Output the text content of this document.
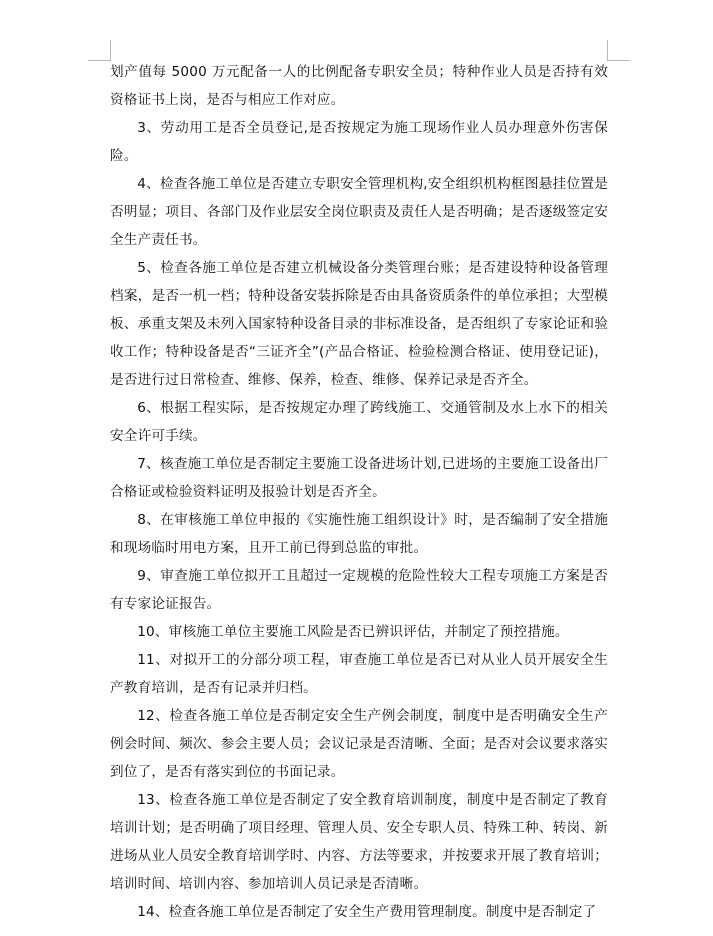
划产值每 5000 万元配备一人的比例配备专职安全员；特种作业人员是否持有效资格证书上岗，是否与相应工作对应。

3、劳动用工是否全员登记,是否按规定为施工现场作业人员办理意外伤害保险。

4、检查各施工单位是否建立专职安全管理机构,安全组织机构框图悬挂位置是否明显；项目、各部门及作业层安全岗位职责及责任人是否明确；是否逐级签定安全生产责任书。

5、检查各施工单位是否建立机械设备分类管理台账；是否建设特种设备管理档案，是否一机一档；特种设备安装拆除是否由具备资质条件的单位承担；大型模板、承重支架及未列入国家特种设备目录的非标准设备，是否组织了专家论证和验收工作；特种设备是否“三证齐全”(产品合格证、检验检测合格证、使用登记证)，是否进行过日常检查、维修、保养，检查、维修、保养记录是否齐全。

6、根据工程实际，是否按规定办理了跨线施工、交通管制及水上水下的相关安全许可手续。

7、核查施工单位是否制定主要施工设备进场计划,已进场的主要施工设备出厂合格证或检验资料证明及报验计划是否齐全。

8、在审核施工单位申报的《实施性施工组织设计》时，是否编制了安全措施和现场临时用电方案，且开工前已得到总监的审批。

9、审查施工单位拟开工且超过一定规模的危险性较大工程专项施工方案是否有专家论证报告。

10、审核施工单位主要施工风险是否已辨识评估，并制定了预控措施。

11、对拟开工的分部分项工程，审查施工单位是否已对从业人员开展安全生产教育培训，是否有记录并归档。

12、检查各施工单位是否制定安全生产例会制度，制度中是否明确安全生产例会时间、频次、参会主要人员；会议记录是否清晰、全面；是否对会议要求落实到位了，是否有落实到位的书面记录。

13、检查各施工单位是否制定了安全教育培训制度，制度中是否制定了教育培训计划；是否明确了项目经理、管理人员、安全专职人员、特殊工种、转岗、新进场从业人员安全教育培训学时、内容、方法等要求，并按要求开展了教育培训；培训时间、培训内容、参加培训人员记录是否清晰。

14、检查各施工单位是否制定了安全生产费用管理制度。制度中是否制定了
